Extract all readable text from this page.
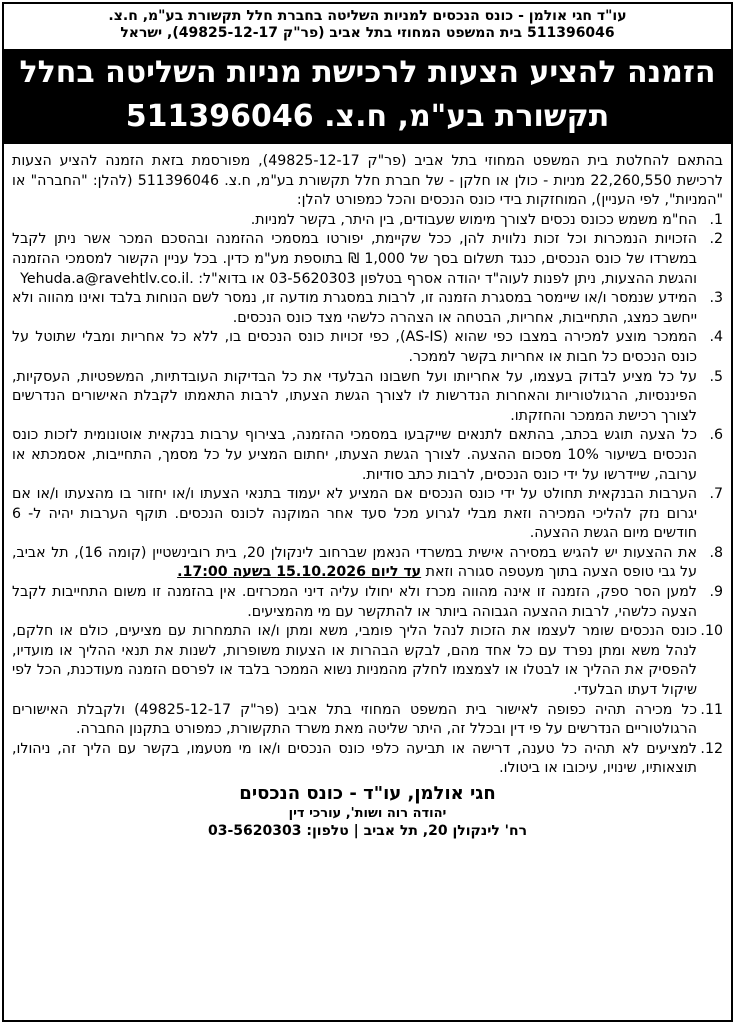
עו"ד חגי אולמן - כונס הנכסים למניות השליטה בחברת חלל תקשורת בע"מ, ח.צ.
511396046 בית המשפט המחוזי בתל אביב (פר"ק 49825-12-17), ישראל
הזמנה להציע הצעות לרכישת מניות השליטה בחלל
תקשורת בע"מ, ח.צ. 511396046
בהתאם להחלטת בית המשפט המחוזי בתל אביב (פר"ק 49825-12-17), מפורסמת בזאת הזמנה להציע הצעות לרכישת 22,260,550 מניות - כולן או חלקן - של חברת חלל תקשורת בע"מ, ח.צ. 511396046 (להלן: "החברה" או "המניות", לפי העניין), המוחזקות בידי כונס הנכסים והכל כמפורט להלן:
1.
הח"מ משמש ככונס נכסים לצורך מימוש שעבודים, בין היתר, בקשר למניות.
2.
הזכויות הנמכרות וכל זכות נלווית להן, ככל שקיימת, יפורטו במסמכי ההזמנה ובהסכם המכר אשר ניתן לקבל במשרדו של כונס הנכסים, כנגד תשלום בסך של 1,000 ₪ בתוספת מע"מ כדין. בכל עניין הקשור למסמכי ההזמנה והגשת ההצעות, ניתן לפנות לעוה"ד יהודה אסרף בטלפון 03-5620303 או בדוא"ל: Yehuda.a@ravehtlv.co.il.
3.
המידע שנמסר ו/או שיימסר במסגרת הזמנה זו, לרבות במסגרת מודעה זו, נמסר לשם הנוחות בלבד ואינו מהווה ולא ייחשב כמצג, התחייבות, אחריות, הבטחה או הצהרה כלשהי מצד כונס הנכסים.
4.
הממכר מוצע למכירה במצבו כפי שהוא (AS-IS), כפי זכויות כונס הנכסים בו, ללא כל אחריות ומבלי שתוטל על כונס הנכסים כל חבות או אחריות בקשר לממכר.
5.
על כל מציע לבדוק בעצמו, על אחריותו ועל חשבונו הבלעדי את כל הבדיקות העובדתיות, המשפטיות, העסקיות, הפיננסיות, הרגולטוריות והאחרות הנדרשות לו לצורך הגשת הצעתו, לרבות התאמתו לקבלת האישורים הנדרשים לצורך רכישת הממכר והחזקתו.
6.
כל הצעה תוגש בכתב, בהתאם לתנאים שייקבעו במסמכי ההזמנה, בצירוף ערבות בנקאית אוטונומית לזכות כונס הנכסים בשיעור 10% מסכום ההצעה. לצורך הגשת הצעתו, יחתום המציע על כל מסמך, התחייבות, אסמכתא או ערובה, שיידרשו על ידי כונס הנכסים, לרבות כתב סודיות.
7.
הערבות הבנקאית תחולט על ידי כונס הנכסים אם המציע לא יעמוד בתנאי הצעתו ו/או יחזור בו מהצעתו ו/או אם יגרום נזק להליכי המכירה וזאת מבלי לגרוע מכל סעד אחר המוקנה לכונס הנכסים. תוקף הערבות יהיה ל- 6 חודשים מיום הגשת ההצעה.
8.
את ההצעות יש להגיש במסירה אישית במשרדי הנאמן שברחוב לינקולן 20, בית רובינשטיין (קומה 16), תל אביב, על גבי טופס הצעה בתוך מעטפה סגורה וזאת עד ליום 15.10.2026 בשעה 17:00.
9.
למען הסר ספק, הזמנה זו אינה מהווה מכרז ולא יחולו עליה דיני המכרזים. אין בהזמנה זו משום התחייבות לקבל הצעה כלשהי, לרבות ההצעה הגבוהה ביותר או להתקשר עם מי מהמציעים.
10.
כונס הנכסים שומר לעצמו את הזכות לנהל הליך פומבי, משא ומתן ו/או התמחרות עם מציעים, כולם או חלקם, לנהל משא ומתן נפרד עם כל אחד מהם, לבקש הבהרות או הצעות משופרות, לשנות את תנאי ההליך או מועדיו, להפסיק את ההליך או לבטלו או לצמצמו לחלק מהמניות נשוא הממכר בלבד או לפרסם הזמנה מעודכנת, הכל לפי שיקול דעתו הבלעדי.
11.
כל מכירה תהיה כפופה לאישור בית המשפט המחוזי בתל אביב (פר"ק 49825-12-17) ולקבלת האישורים הרגולטוריים הנדרשים על פי דין ובכלל זה, היתר שליטה מאת משרד התקשורת, כמפורט בתקנון החברה.
12.
למציעים לא תהיה כל טענה, דרישה או תביעה כלפי כונס הנכסים ו/או מי מטעמו, בקשר עם הליך זה, ניהולו, תוצאותיו, שינויו, עיכובו או ביטולו.
חגי אולמן, עו"ד - כונס הנכסים
יהודה רוה ושות', עורכי דין
רח' לינקולן 20, תל אביב | טלפון: 03-5620303
